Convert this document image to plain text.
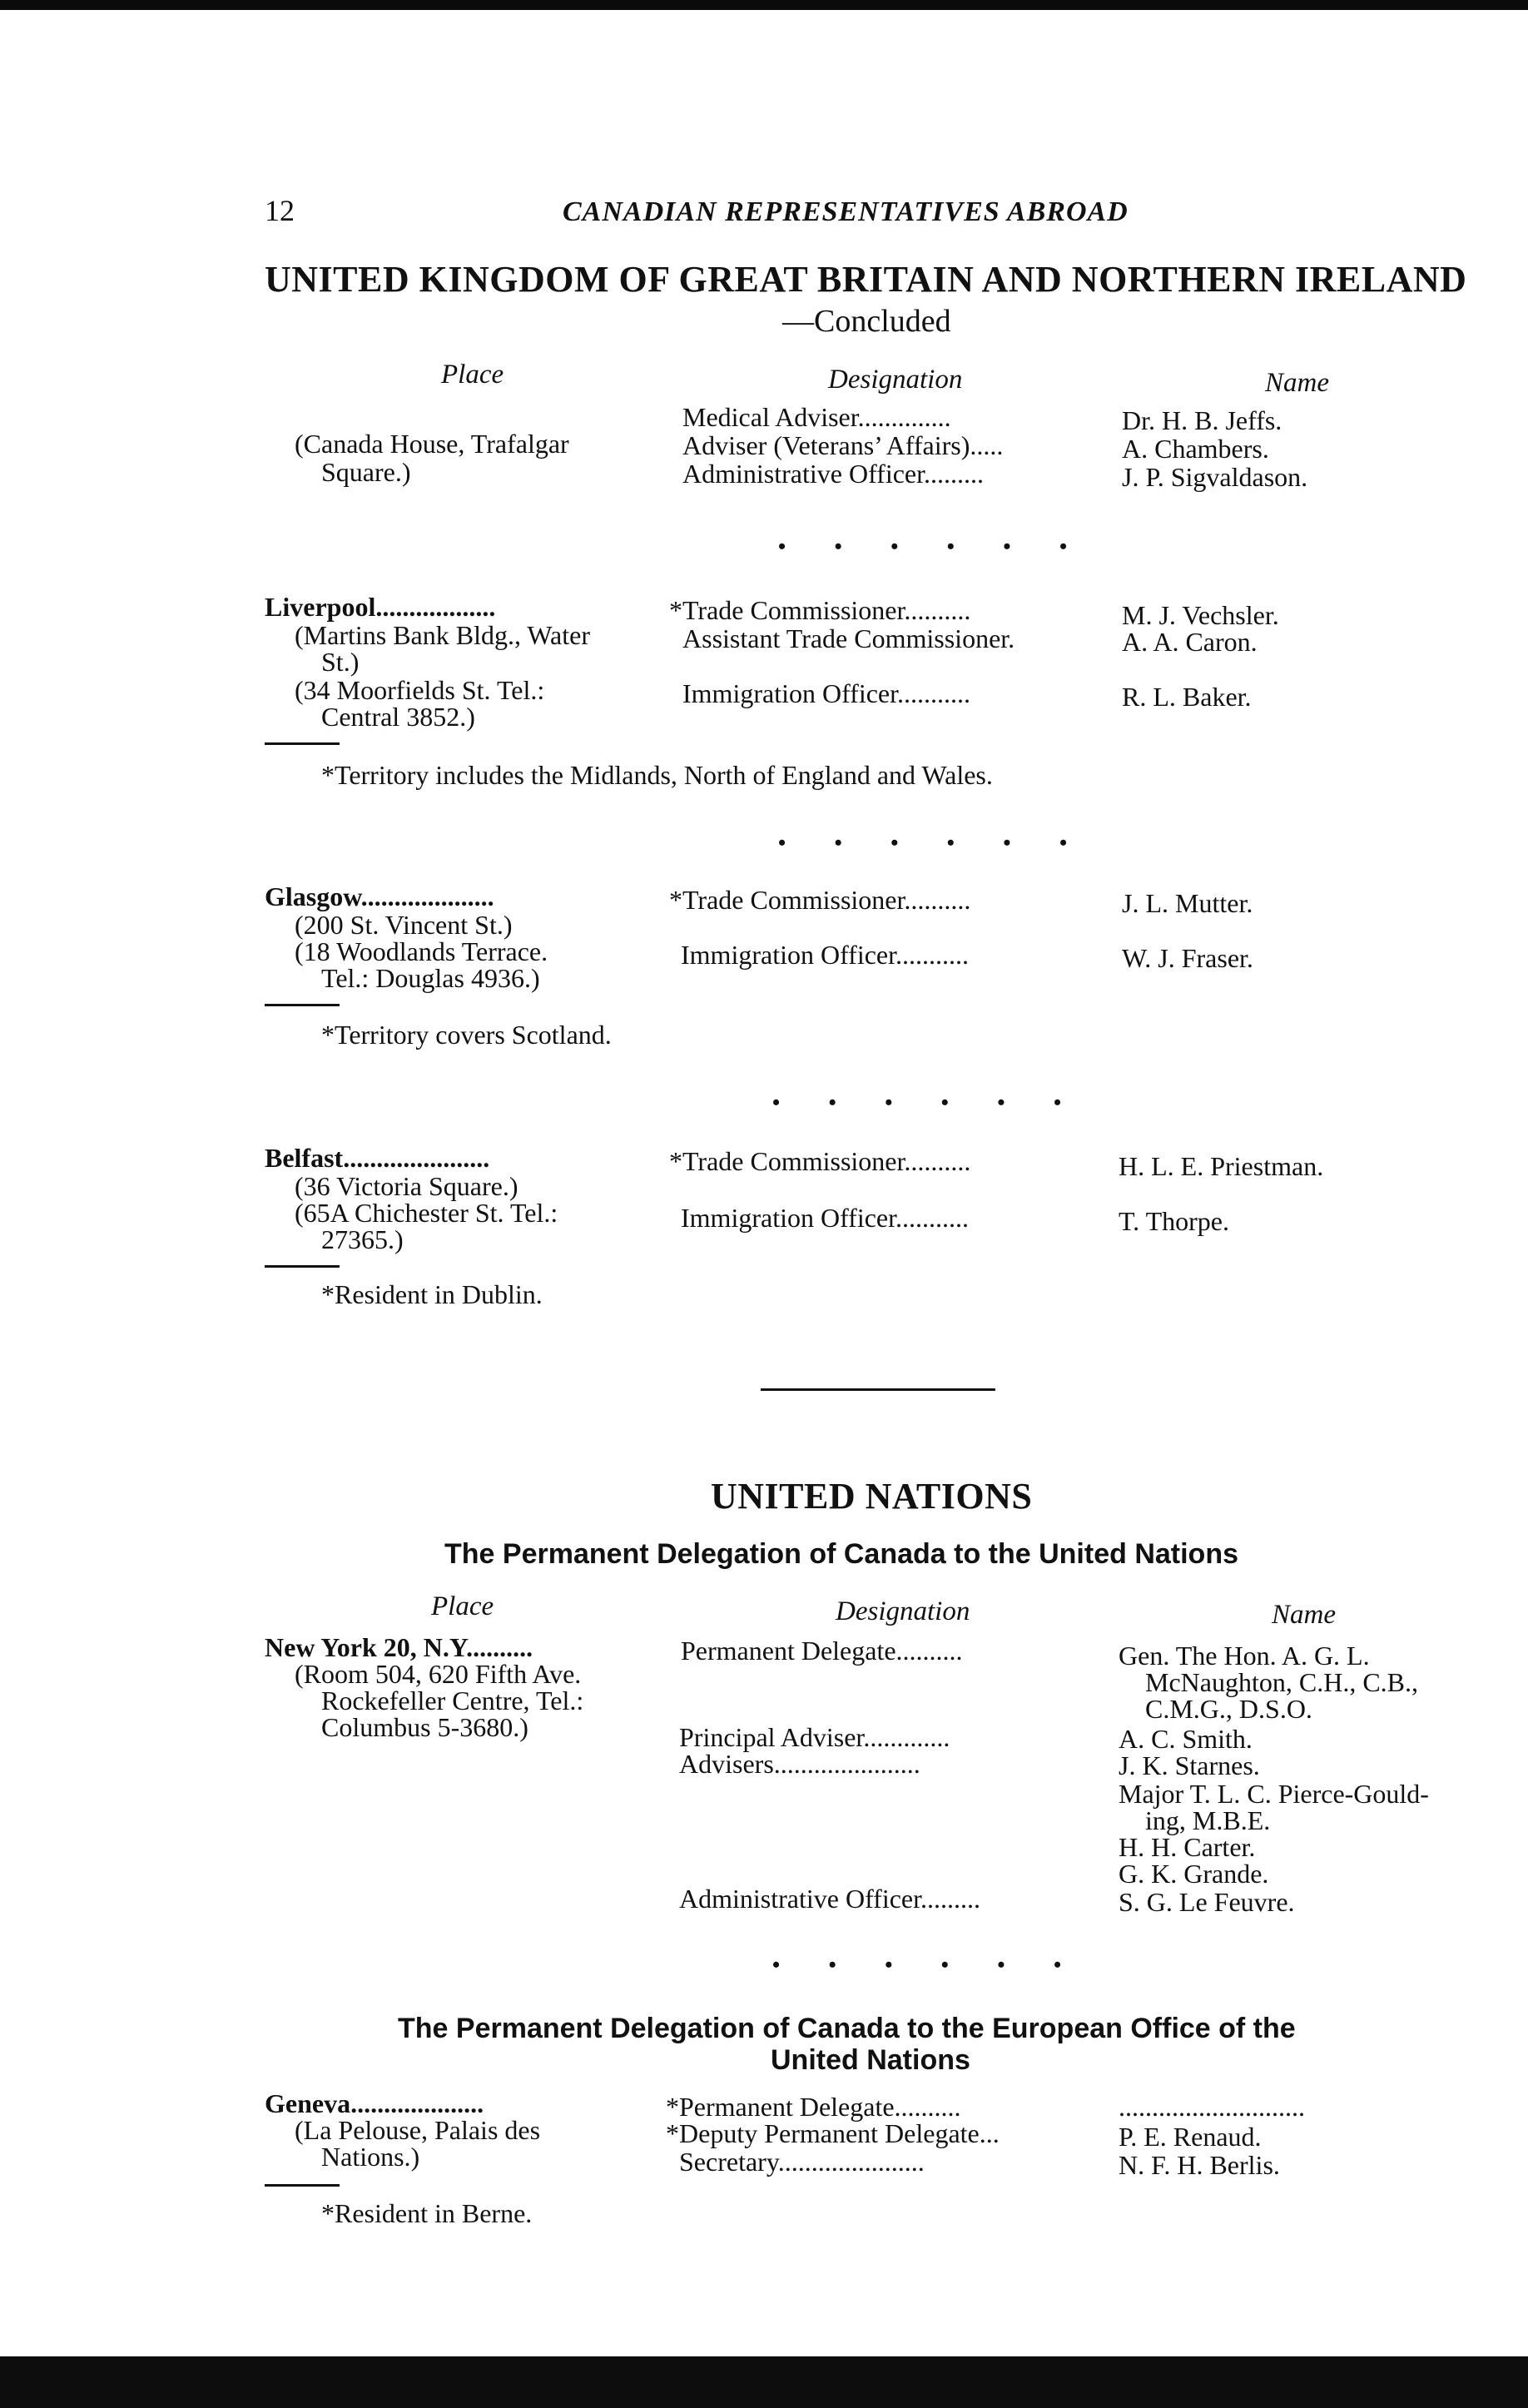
12	CANADIAN REPRESENTATIVES ABROAD
UNITED KINGDOM OF GREAT BRITAIN AND NORTHERN IRELAND
—Concluded
Place	Designation	Name
Medical Adviser..............	Dr. H. B. Jeffs.
(Canada House, Trafalgar	Adviser (Veterans’ Affairs).....	A. Chambers.
Square.)	Administrative Officer.........	J. P. Sigvaldason.
• • • • • •
Liverpool..................	*Trade Commissioner..........	M. J. Vechsler.
(Martins Bank Bldg., Water	Assistant Trade Commissioner.	A. A. Caron.
St.)
(34 Moorfields St. Tel.:	Immigration Officer...........	R. L. Baker.
Central 3852.)
*Territory includes the Midlands, North of England and Wales.
• • • • • •
Glasgow....................	*Trade Commissioner..........	J. L. Mutter.
(200 St. Vincent St.)
(18 Woodlands Terrace.	Immigration Officer...........	W. J. Fraser.
Tel.: Douglas 4936.)
*Territory covers Scotland.
• • • • • •
Belfast......................	*Trade Commissioner..........	H. L. E. Priestman.
(36 Victoria Square.)
(65A Chichester St. Tel.:	Immigration Officer...........	T. Thorpe.
27365.)
*Resident in Dublin.
UNITED NATIONS
The Permanent Delegation of Canada to the United Nations
Place	Designation	Name
New York 20, N.Y..........
(Room 504, 620 Fifth Ave.
Rockefeller Centre, Tel.:
Columbus 5-3680.)
Permanent Delegate..........	Gen. The Hon. A. G. L.
McNaughton, C.H., C.B.,
C.M.G., D.S.O.
Principal Adviser.............	A. C. Smith.
Advisers......................	J. K. Starnes.
Major T. L. C. Pierce-Gould-
ing, M.B.E.
H. H. Carter.
G. K. Grande.
Administrative Officer.........	S. G. Le Feuvre.
• • • • • •
The Permanent Delegation of Canada to the European Office of the
United Nations
Geneva....................	*Permanent Delegate..........	............................
(La Pelouse, Palais des	*Deputy Permanent Delegate...	P. E. Renaud.
Nations.)	Secretary......................	N. F. H. Berlis.
*Resident in Berne.
